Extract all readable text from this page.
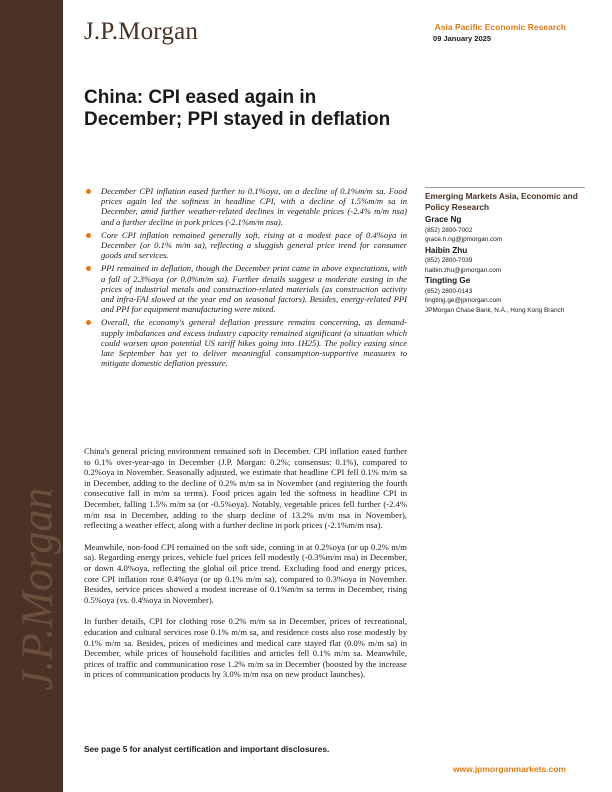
J.P.Morgan
J.P.Morgan	Asia Pacific Economic Research
09 January 2025
China: CPI eased again in December; PPI stayed in deflation
December CPI inflation eased further to 0.1%oya, on a decline of 0.1%m/m sa. Food prices again led the softness in headline CPI, with a decline of 1.5%m/m sa in December, amid further weather-related declines in vegetable prices (-2.4% m/m nsa) and a further decline in pork prices (-2.1%m/m nsa).
Core CPI inflation remained generally soft, rising at a modest pace of 0.4%oya in December (or 0.1% m/m sa), reflecting a sluggish general price trend for consumer goods and services.
PPI remained in deflation, though the December print came in above expectations, with a fall of 2.3%oya (or 0.0%m/m sa). Further details suggest a moderate easing in the prices of industrial metals and construction-related materials (as construction activity and infra-FAI slowed at the year end on seasonal factors). Besides, energy-related PPI and PPI for equipment manufacturing were mixed.
Overall, the economy's general deflation pressure remains concerning, as demand-supply imbalances and excess industry capacity remained significant (a situation which could worsen upon potential US tariff hikes going into 1H25). The policy easing since late September has yet to deliver meaningful consumption-supportive measures to mitigate domestic deflation pressure.

China's general pricing environment remained soft in December. CPI inflation eased further to 0.1% over-year-ago in December (J.P. Morgan: 0.2%; consensus: 0.1%), compared to 0.2%oya in November. Seasonally adjusted, we estimate that headline CPI fell 0.1% m/m sa in December, adding to the decline of 0.2% m/m sa in November (and registering the fourth consecutive fall in m/m sa terms). Food prices again led the softness in headline CPI in December, falling 1.5% m/m sa (or -0.5%oya). Notably, vegetable prices fell further (-2.4% m/m nsa in December, adding to the sharp decline of 13.2% m/m nsa in November), reflecting a weather effect, along with a further decline in pork prices (-2.1%m/m nsa).

Meanwhile, non-food CPI remained on the soft side, coming in at 0.2%oya (or up 0.2% m/m sa). Regarding energy prices, vehicle fuel prices fell modestly (-0.3%m/m nsa) in December, or down 4.0%oya, reflecting the global oil price trend. Excluding food and energy prices, core CPI inflation rose 0.4%oya (or up 0.1% m/m sa), compared to 0.3%oya in November. Besides, service prices showed a modest increase of 0.1%m/m sa terms in December, rising 0.5%oya (vs. 0.4%oya in November).

In further details, CPI for clothing rose 0.2% m/m sa in December, prices of recreational, education and cultural services rose 0.1% m/m sa, and residence costs also rose modestly by 0.1% m/m sa. Besides, prices of medicines and medical care stayed flat (0.0% m/m sa) in December, while prices of household facilities and articles fell 0.1% m/m sa. Meanwhile, prices of traffic and communication rose 1.2% m/m sa in December (boosted by the increase in prices of communication products by 3.0% m/m nsa on new product launches).

Emerging Markets Asia, Economic and Policy Research
Grace Ng
(852) 2800-7002
grace.h.ng@jpmorgan.com
Haibin Zhu
(852) 2800-7039
haibin.zhu@jpmorgan.com
Tingting Ge
(852) 2800-0143
tingting.ge@jpmorgan.com
JPMorgan Chase Bank, N.A., Hong Kong Branch
See page 5 for analyst certification and important disclosures.
www.jpmorganmarkets.com
